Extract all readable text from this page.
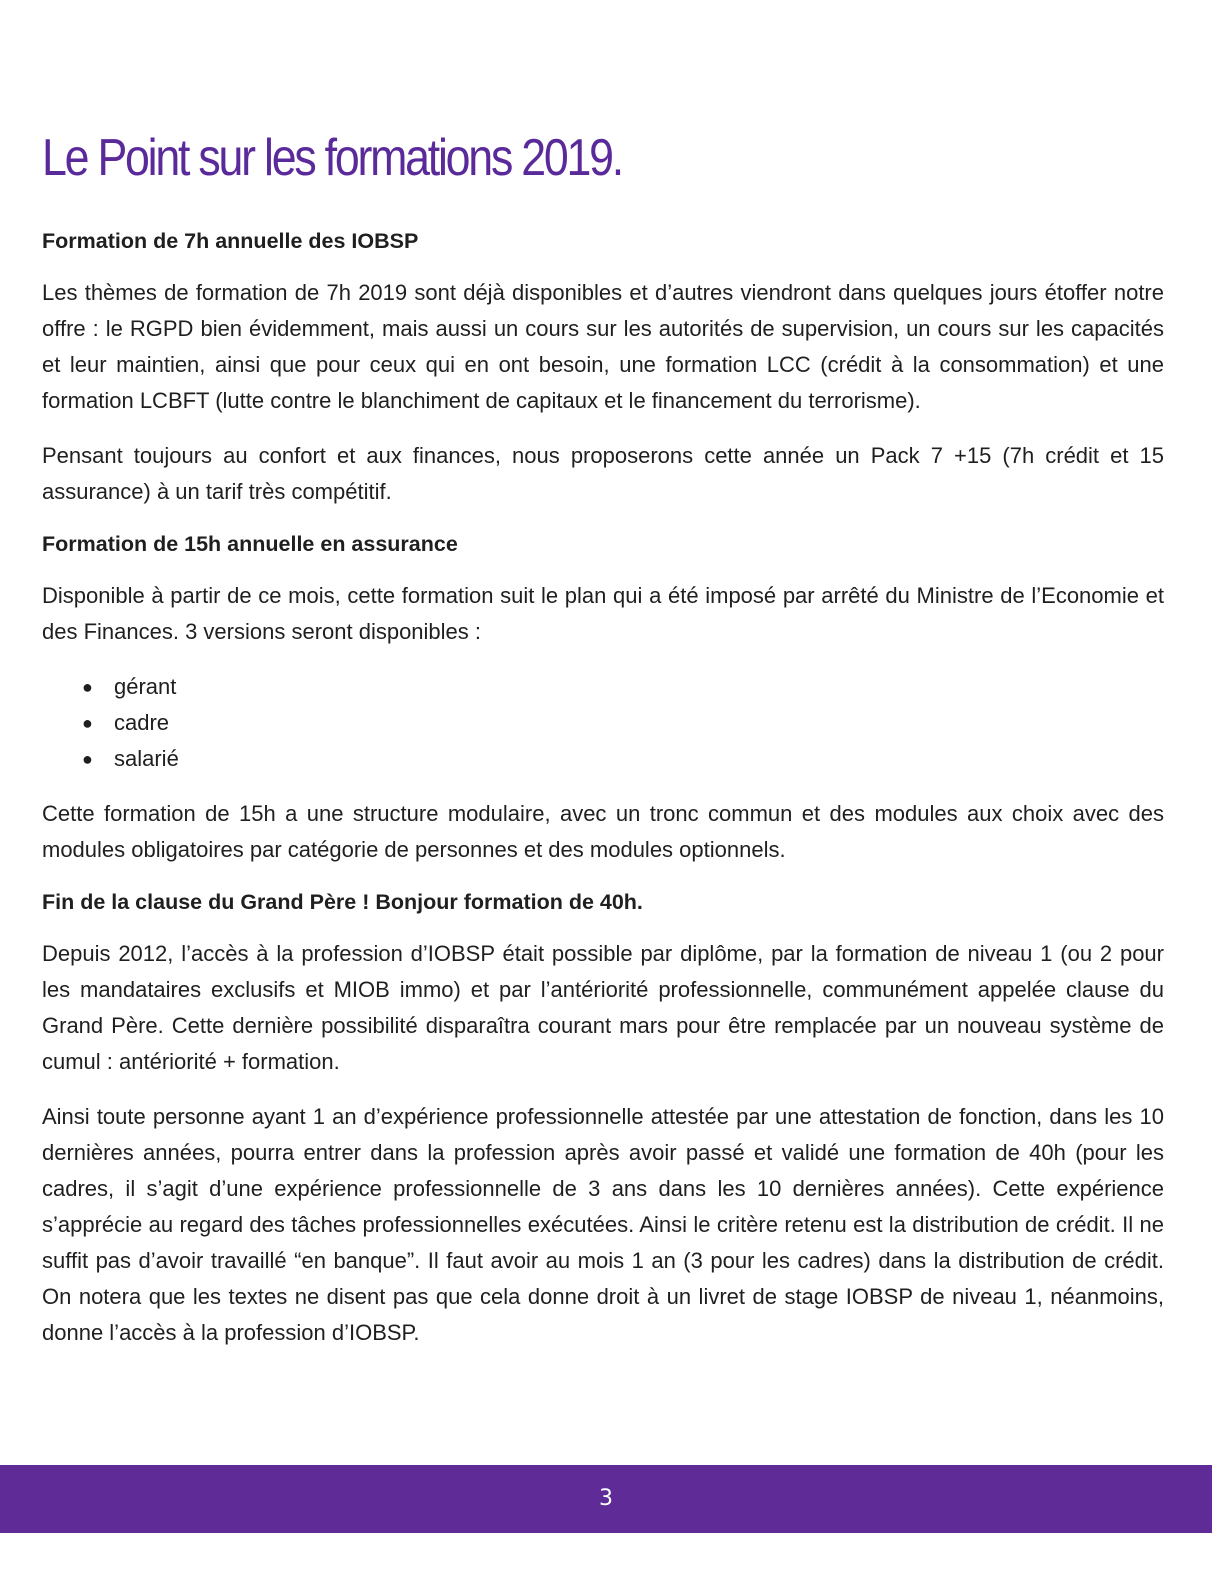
Le Point sur les formations 2019.
Formation de 7h annuelle des IOBSP

Les thèmes de formation de 7h 2019 sont déjà disponibles et d’autres viendront dans quelques jours étoffer notre offre : le RGPD bien évidemment, mais aussi un cours sur les autorités de supervision, un cours sur les capacités et leur maintien, ainsi que pour ceux qui en ont besoin, une formation LCC (crédit à la consommation) et une formation LCBFT (lutte contre le blanchiment de capitaux et le financement du terrorisme).

Pensant toujours au confort et aux finances, nous proposerons cette année un Pack 7 +15 (7h crédit et 15 assurance) à un tarif très compétitif.

Formation de 15h annuelle en assurance

Disponible à partir de ce mois, cette formation suit le plan qui a été imposé par arrêté du Ministre de l’Economie et des Finances. 3 versions seront disponibles :

● gérant
● cadre
● salarié

Cette formation de 15h a une structure modulaire, avec un tronc commun et des modules aux choix avec des modules obligatoires par catégorie de personnes et des modules optionnels.

Fin de la clause du Grand Père ! Bonjour formation de 40h.

Depuis 2012, l’accès à la profession d’IOBSP était possible par diplôme, par la formation de niveau 1 (ou 2 pour les mandataires exclusifs et MIOB immo) et par l’antériorité professionnelle, communément appelée clause du Grand Père. Cette dernière possibilité disparaîtra courant mars pour être remplacée par un nouveau système de cumul : antériorité + formation.

Ainsi toute personne ayant 1 an d’expérience professionnelle attestée par une attestation de fonction, dans les 10 dernières années, pourra entrer dans la profession après avoir passé et validé une formation de 40h (pour les cadres, il s’agit d’une expérience professionnelle de 3 ans dans les 10 dernières années). Cette expérience s’apprécie au regard des tâches professionnelles exécutées. Ainsi le critère retenu est la distribution de crédit. Il ne suffit pas d’avoir travaillé “en banque”. Il faut avoir au mois 1 an (3 pour les cadres) dans la distribution de crédit. On notera que les textes ne disent pas que cela donne droit à un livret de stage IOBSP de niveau 1, néanmoins, donne l’accès à la profession d’IOBSP.

3
